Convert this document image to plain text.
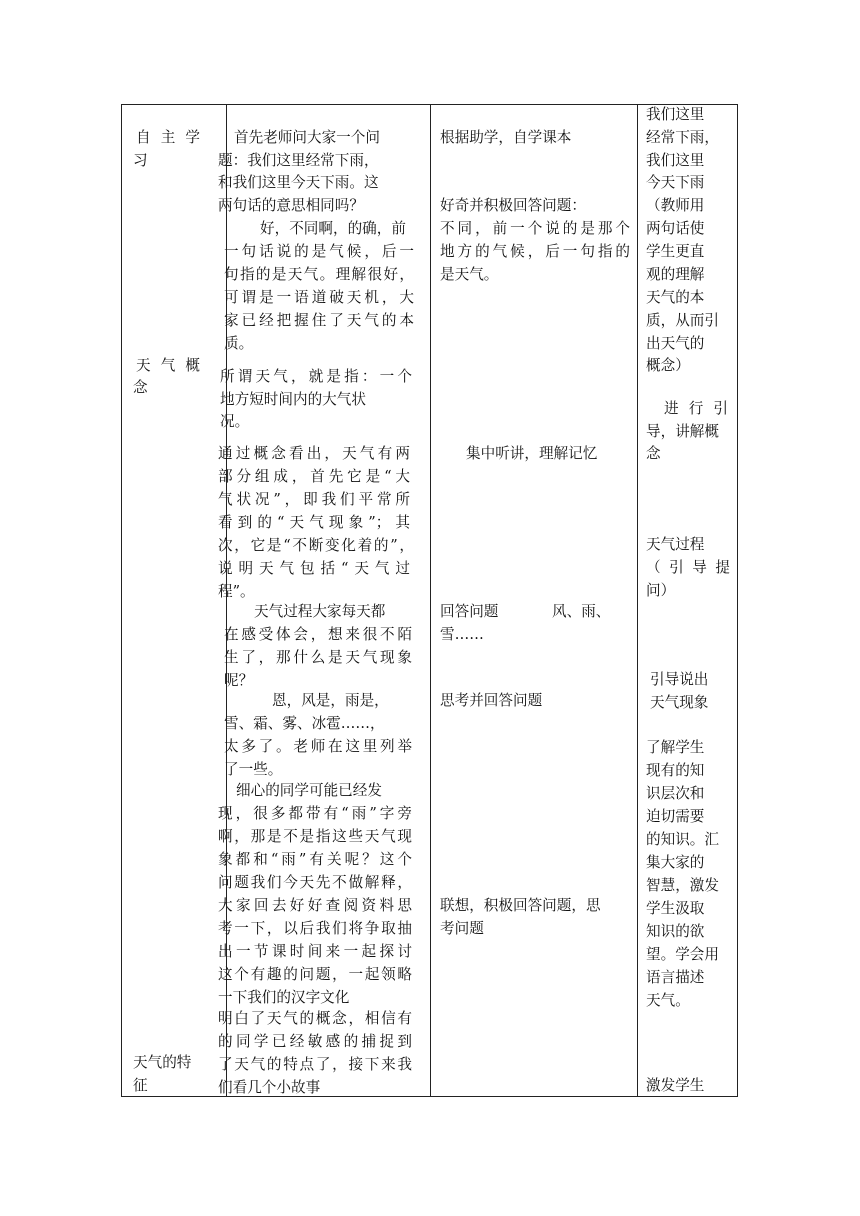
自 主 学
习
天 气 概
念
天气的特
征
首先老师问大家一个问
题：我们这里经常下雨，
和我们这里今天下雨。这
两句话的意思相同吗？
好，不同啊，的确，前
一句话说的是气候，后一
句指的是天气。理解很好，
可谓是一语道破天机，大
家已经把握住了天气的本
质。
所谓天气，就是指：一个
地方短时间内的大气状
况。
通过概念看出，天气有两
部分组成，首先它是“大
气状况”，即我们平常所
看到的“天气现象”；其
次，它是“不断变化着的”，
说明天气包括“天气过
程”。
天气过程大家每天都
在感受体会，想来很不陌
生了，那什么是天气现象
呢？
恩，风是，雨是，
雪、霜、雾、冰雹……，
太多了。老师在这里列举
了一些。
细心的同学可能已经发
现，很多都带有“雨”字旁
啊，那是不是指这些天气现
象都和“雨”有关呢？这个
问题我们今天先不做解释，
大家回去好好查阅资料思
考一下，以后我们将争取抽
出一节课时间来一起探讨
这个有趣的问题，一起领略
一下我们的汉字文化
明白了天气的概念，相信有
的同学已经敏感的捕捉到
了天气的特点了，接下来我
们看几个小故事
根据助学，自学课本
好奇并积极回答问题：
不同，前一个说的是那个
地方的气候，后一句指的
是天气。
集中听讲，理解记忆
回答问题	风、雨、
雪……
思考并回答问题
联想，积极回答问题，思
考问题
我们这里
经常下雨，
我们这里
今天下雨
（教师用
两句话使
学生更直
观的理解
天气的本
质，从而引
出天气的
概念）
进 行 引
导，讲解概
念
天气过程
（ 引 导 提
问）
引导说出
天气现象
了解学生
现有的知
识层次和
迫切需要
的知识。汇
集大家的
智慧，激发
学生汲取
知识的欲
望。学会用
语言描述
天气。
激发学生
